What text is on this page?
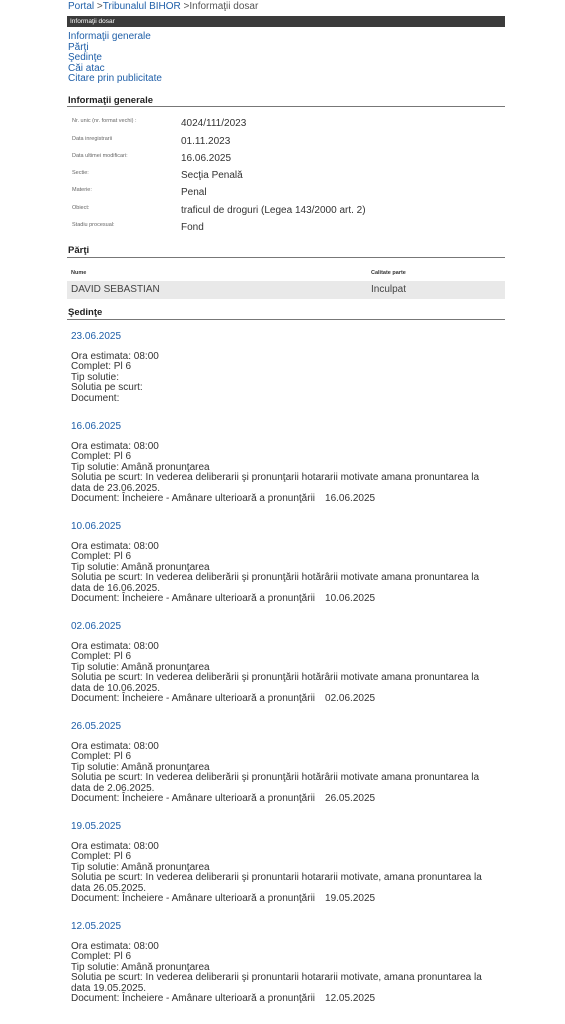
Portal >Tribunalul BIHOR >Informaţii dosar
Informaţii dosar
Informaţii generale
Părţi
Şedinţe
Căi atac
Citare prin publicitate
Informaţii generale
Nr. unic (nr. format vechi) :	4024/111/2023
Data inregistrarii	01.11.2023
Data ultimei modificari:	16.06.2025
Sectie:	Secţia Penală
Materie:	Penal
Obiect:	traficul de droguri (Legea 143/2000 art. 2)
Stadiu procesual:	Fond
Părţi
Nume	Calitate parte
DAVID SEBASTIAN	Inculpat
Şedinţe
23.06.2025
Ora estimata: 08:00
Complet: Pl 6
Tip solutie:
Solutia pe scurt:
Document:
16.06.2025
Ora estimata: 08:00
Complet: Pl 6
Tip solutie: Amână pronunţarea
Solutia pe scurt: In vederea deliberarii şi pronunţarii hotararii motivate amana pronuntarea la data de 23.06.2025.
Document: Încheiere - Amânare ulterioară a pronunţării 16.06.2025
10.06.2025
Ora estimata: 08:00
Complet: Pl 6
Tip solutie: Amână pronunţarea
Solutia pe scurt: In vederea deliberării şi pronunţării hotărârii motivate amana pronuntarea la data de 16.06.2025.
Document: Încheiere - Amânare ulterioară a pronunţării 10.06.2025
02.06.2025
Ora estimata: 08:00
Complet: Pl 6
Tip solutie: Amână pronunţarea
Solutia pe scurt: In vederea deliberării şi pronunţării hotărârii motivate amana pronuntarea la data de 10.06.2025.
Document: Încheiere - Amânare ulterioară a pronunţării 02.06.2025
26.05.2025
Ora estimata: 08:00
Complet: Pl 6
Tip solutie: Amână pronunţarea
Solutia pe scurt: In vederea deliberării şi pronunţării hotărârii motivate amana pronuntarea la data de 2.06.2025.
Document: Încheiere - Amânare ulterioară a pronunţării 26.05.2025
19.05.2025
Ora estimata: 08:00
Complet: Pl 6
Tip solutie: Amână pronunţarea
Solutia pe scurt: In vederea deliberarii şi pronuntarii hotararii motivate, amana pronuntarea la data 26.05.2025.
Document: Încheiere - Amânare ulterioară a pronunţării 19.05.2025
12.05.2025
Ora estimata: 08:00
Complet: Pl 6
Tip solutie: Amână pronunţarea
Solutia pe scurt: In vederea deliberarii şi pronuntarii hotararii motivate, amana pronuntarea la data 19.05.2025.
Document: Încheiere - Amânare ulterioară a pronunţării 12.05.2025
